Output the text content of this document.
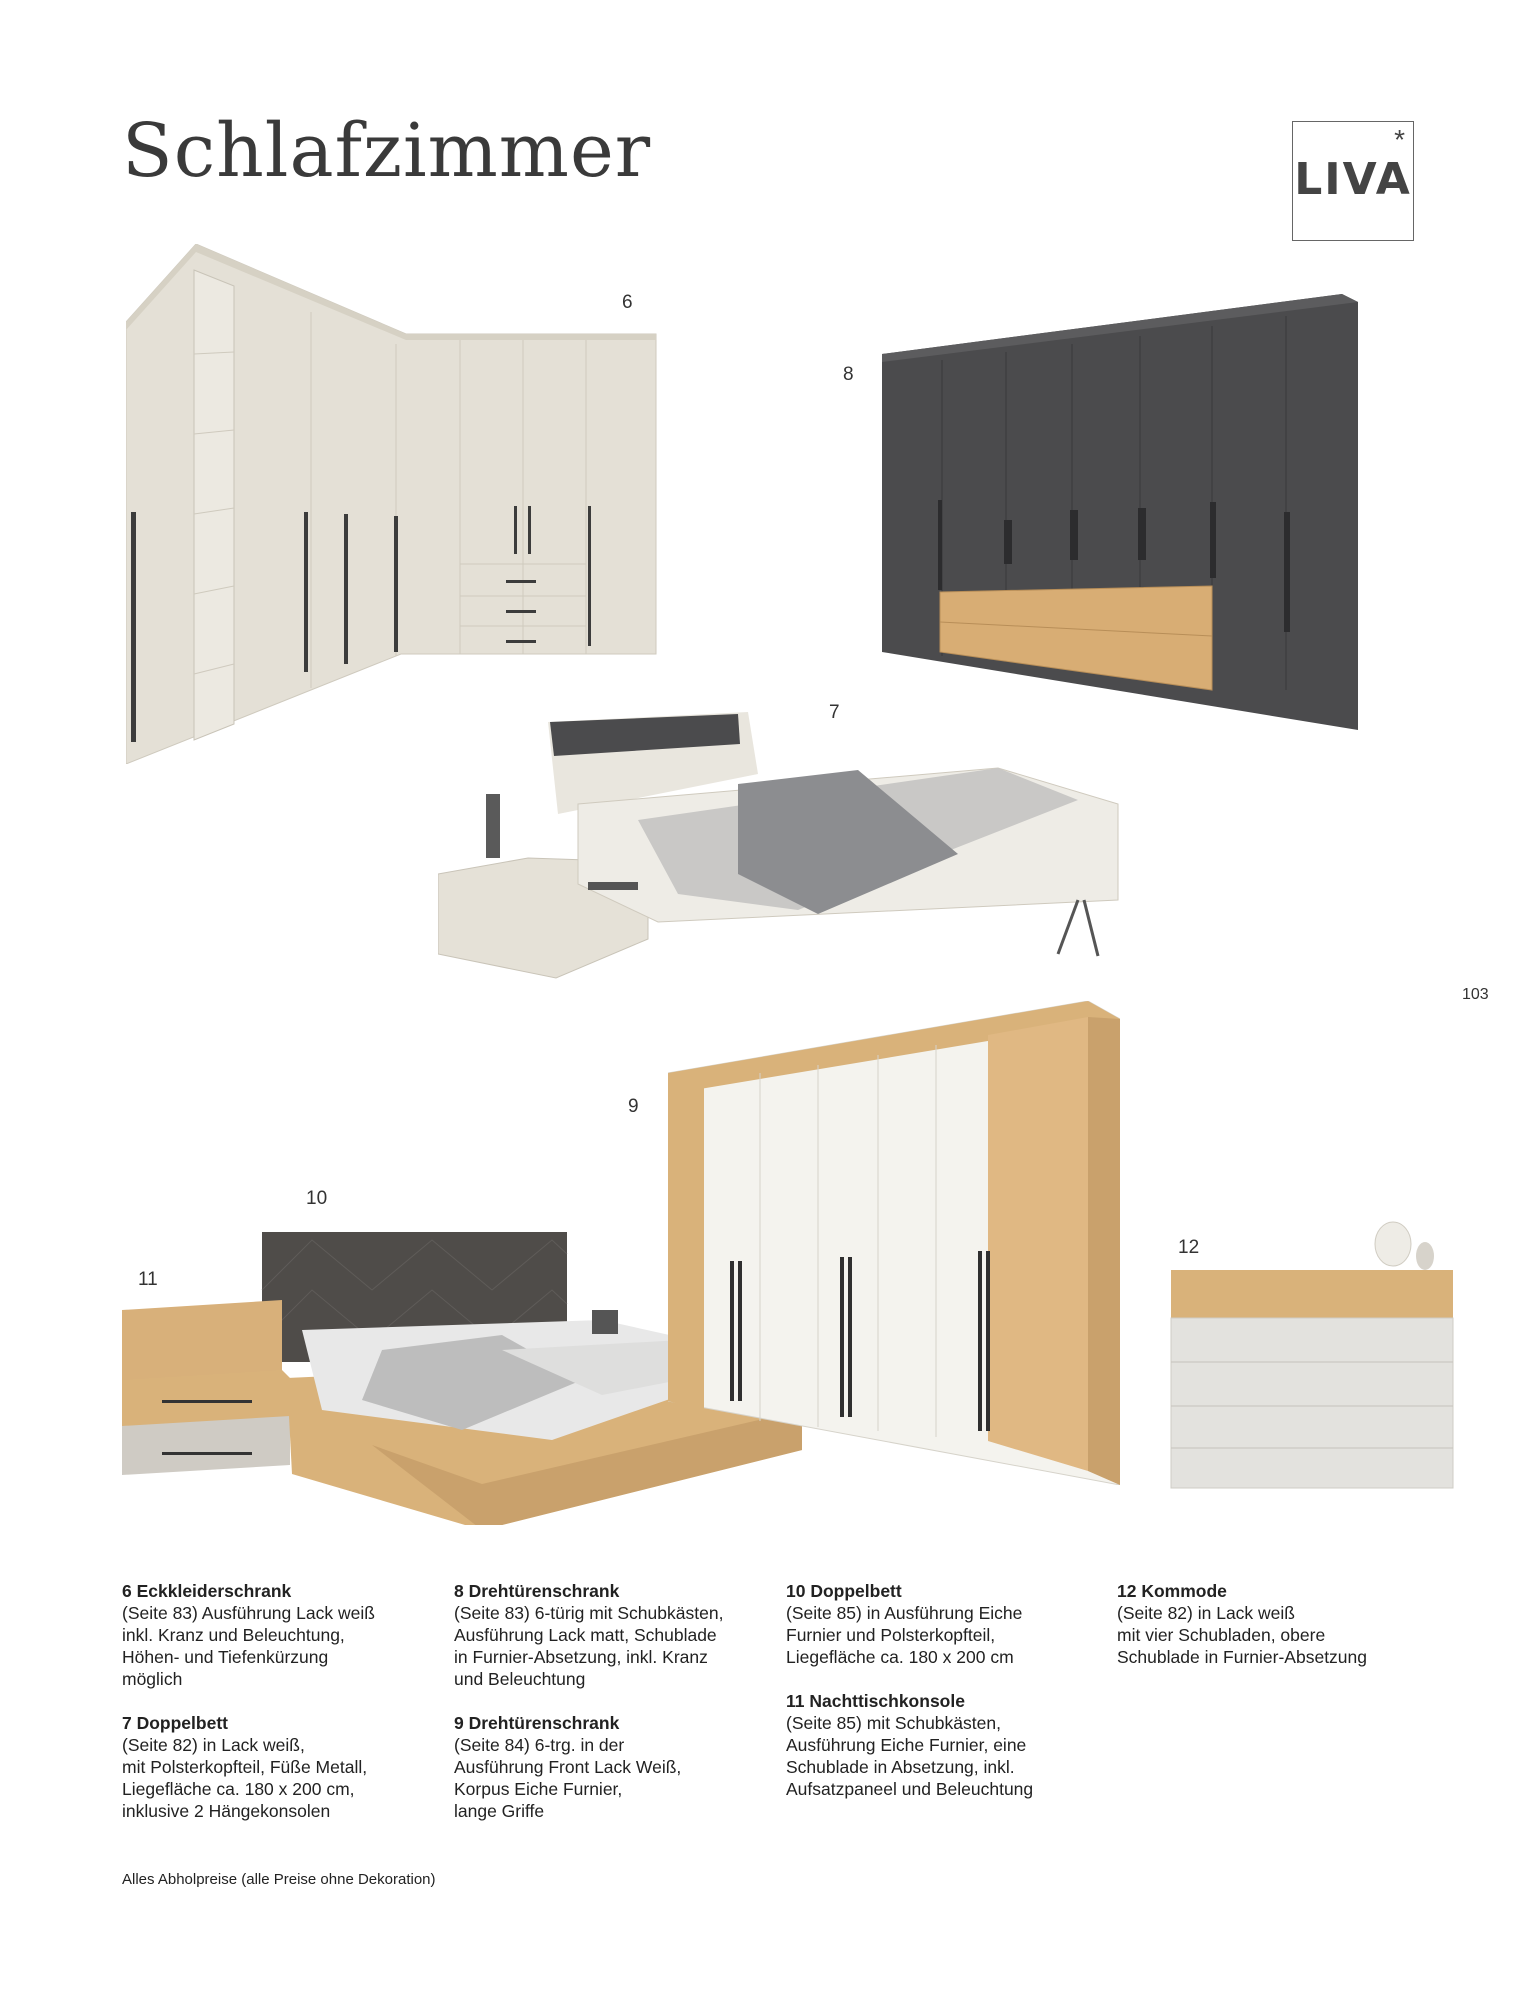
Schlafzimmer	*
LIVA
6
8
7
9
10
11
12
103
6 Eckkleiderschrank
(Seite 83) Ausführung Lack weiß
inkl. Kranz und Beleuchtung,
Höhen- und Tiefenkürzung
möglich
7 Doppelbett
(Seite 82) in Lack weiß,
mit Polsterkopfteil, Füße Metall,
Liegefläche ca. 180 x 200 cm,
inklusive 2 Hängekonsolen
8 Drehtürenschrank
(Seite 83) 6-türig mit Schubkästen,
Ausführung Lack matt, Schublade
in Furnier-Absetzung, inkl. Kranz
und Beleuchtung
9 Drehtürenschrank
(Seite 84) 6-trg. in der
Ausführung Front Lack Weiß,
Korpus Eiche Furnier,
lange Griffe
10 Doppelbett
(Seite 85) in Ausführung Eiche
Furnier und Polsterkopfteil,
Liegefläche ca. 180 x 200 cm
11 Nachttischkonsole
(Seite 85) mit Schubkästen,
Ausführung Eiche Furnier, eine
Schublade in Absetzung, inkl.
Aufsatzpaneel und Beleuchtung
12 Kommode
(Seite 82) in Lack weiß
mit vier Schubladen, obere
Schublade in Furnier-Absetzung
Alles Abholpreise (alle Preise ohne Dekoration)
